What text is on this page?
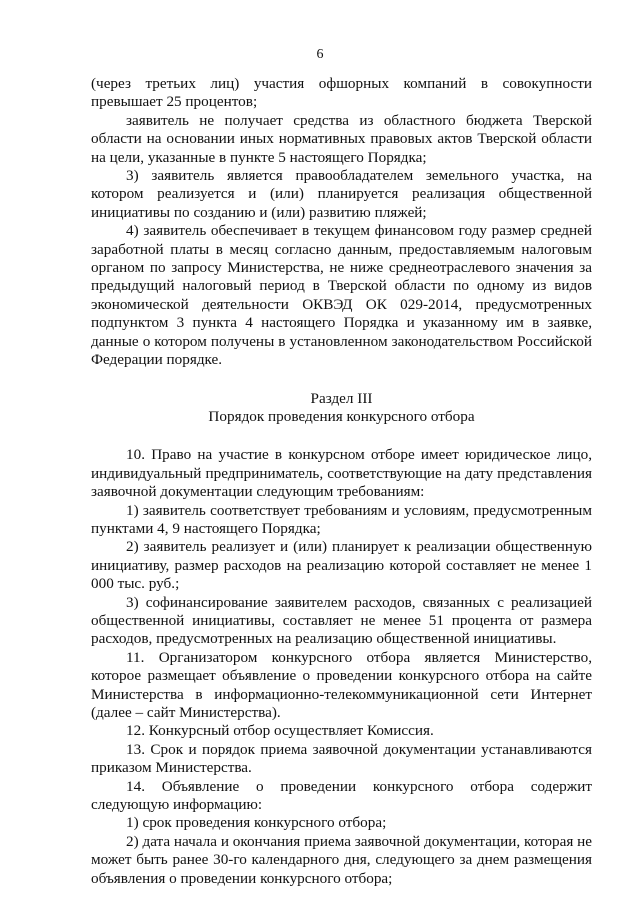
6

(через третьих лиц) участия офшорных компаний в совокупности превышает 25 процентов;

заявитель не получает средства из областного бюджета Тверской области на основании иных нормативных правовых актов Тверской области на цели, указанные в пункте 5 настоящего Порядка;

3) заявитель является правообладателем земельного участка, на котором реализуется и (или) планируется реализация общественной инициативы по созданию и (или) развитию пляжей;

4) заявитель обеспечивает в текущем финансовом году размер средней заработной платы в месяц согласно данным, предоставляемым налоговым органом по запросу Министерства, не ниже среднеотраслевого значения за предыдущий налоговый период в Тверской области по одному из видов экономической деятельности ОКВЭД ОК 029-2014, предусмотренных подпунктом 3 пункта 4 настоящего Порядка и указанному им в заявке, данные о котором получены в установленном законодательством Российской Федерации порядке.

Раздел III

Порядок проведения конкурсного отбора

10. Право на участие в конкурсном отборе имеет юридическое лицо, индивидуальный предприниматель, соответствующие на дату представления заявочной документации следующим требованиям:

1) заявитель соответствует требованиям и условиям, предусмотренным пунктами 4, 9 настоящего Порядка;

2) заявитель реализует и (или) планирует к реализации общественную инициативу, размер расходов на реализацию которой составляет не менее 1 000 тыс. руб.;

3) софинансирование заявителем расходов, связанных с реализацией общественной инициативы, составляет не менее 51 процента от размера расходов, предусмотренных на реализацию общественной инициативы.

11. Организатором конкурсного отбора является Министерство, которое размещает объявление о проведении конкурсного отбора на сайте Министерства в информационно-телекоммуникационной сети Интернет (далее – сайт Министерства).

12. Конкурсный отбор осуществляет Комиссия.

13. Срок и порядок приема заявочной документации устанавливаются приказом Министерства.

14. Объявление о проведении конкурсного отбора содержит следующую информацию:

1) срок проведения конкурсного отбора;

2) дата начала и окончания приема заявочной документации, которая не может быть ранее 30-го календарного дня, следующего за днем размещения объявления о проведении конкурсного отбора;
